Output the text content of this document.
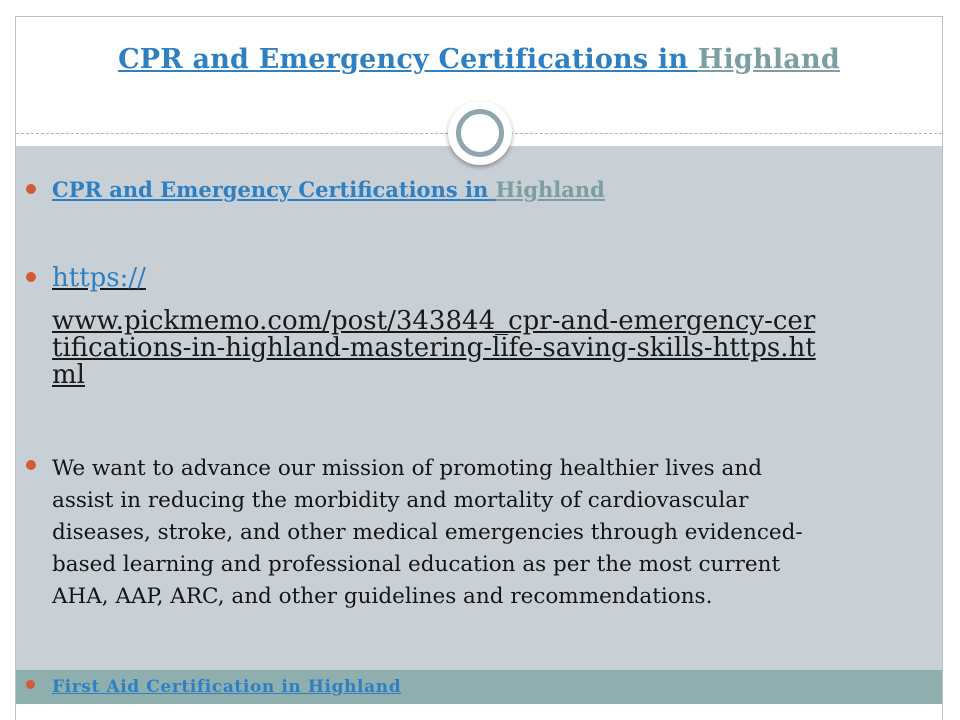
CPR and Emergency Certifications in Highland
CPR and Emergency Certifications in Highland
https://
www.pickmemo.com/post/343844_cpr-and-emergency-cer
tifications-in-highland-mastering-life-saving-skills-https.ht
ml
We want to advance our mission of promoting healthier lives and
assist in reducing the morbidity and mortality of cardiovascular
diseases, stroke, and other medical emergencies through evidenced-
based learning and professional education as per the most current
AHA, AAP, ARC, and other guidelines and recommendations.
First Aid Certification in Highland
